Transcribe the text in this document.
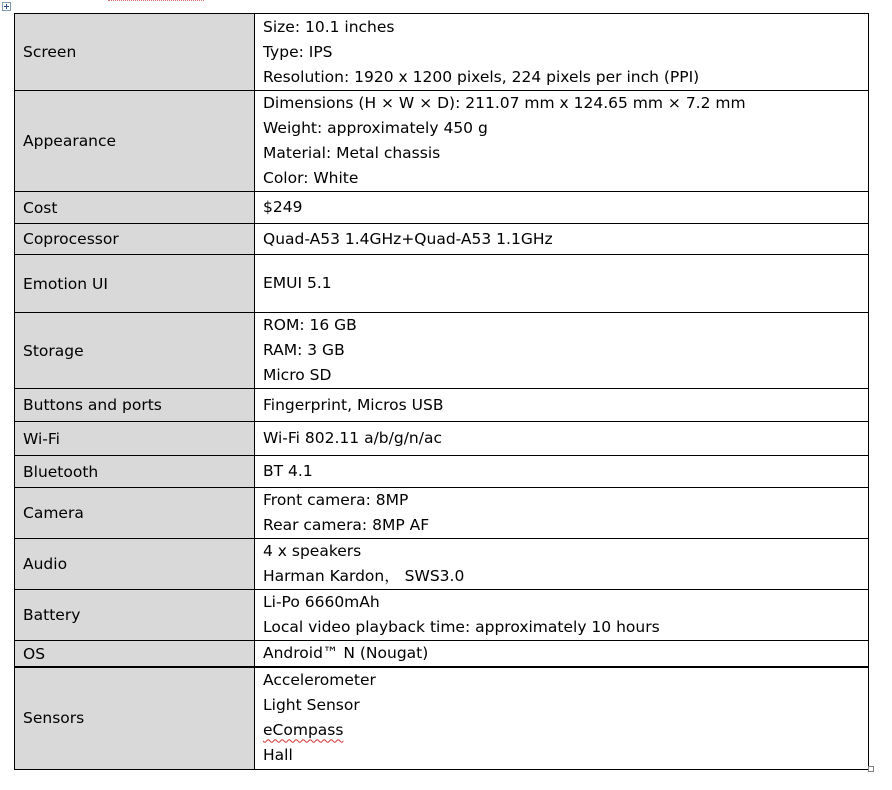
Screen	Size: 10.1 inches
Type: IPS
Resolution: 1920 x 1200 pixels, 224 pixels per inch (PPI)

Appearance	Dimensions (H × W × D): 211.07 mm x 124.65 mm × 7.2 mm
Weight: approximately 450 g
Material: Metal chassis
Color: White

Cost	$249

Coprocessor	Quad-A53 1.4GHz+Quad-A53 1.1GHz

Emotion UI	EMUI 5.1

Storage	ROM: 16 GB
RAM: 3 GB
Micro SD

Buttons and ports	Fingerprint, Micros USB

Wi-Fi	Wi-Fi 802.11 a/b/g/n/ac

Bluetooth	BT 4.1

Camera	Front camera: 8MP
Rear camera: 8MP AF

Audio	4 x speakers
Harman Kardon， SWS3.0

Battery	Li-Po 6660mAh
Local video playback time: approximately 10 hours

OS	Android™ N (Nougat)

Sensors	Accelerometer
Light Sensor
eCompass
Hall
